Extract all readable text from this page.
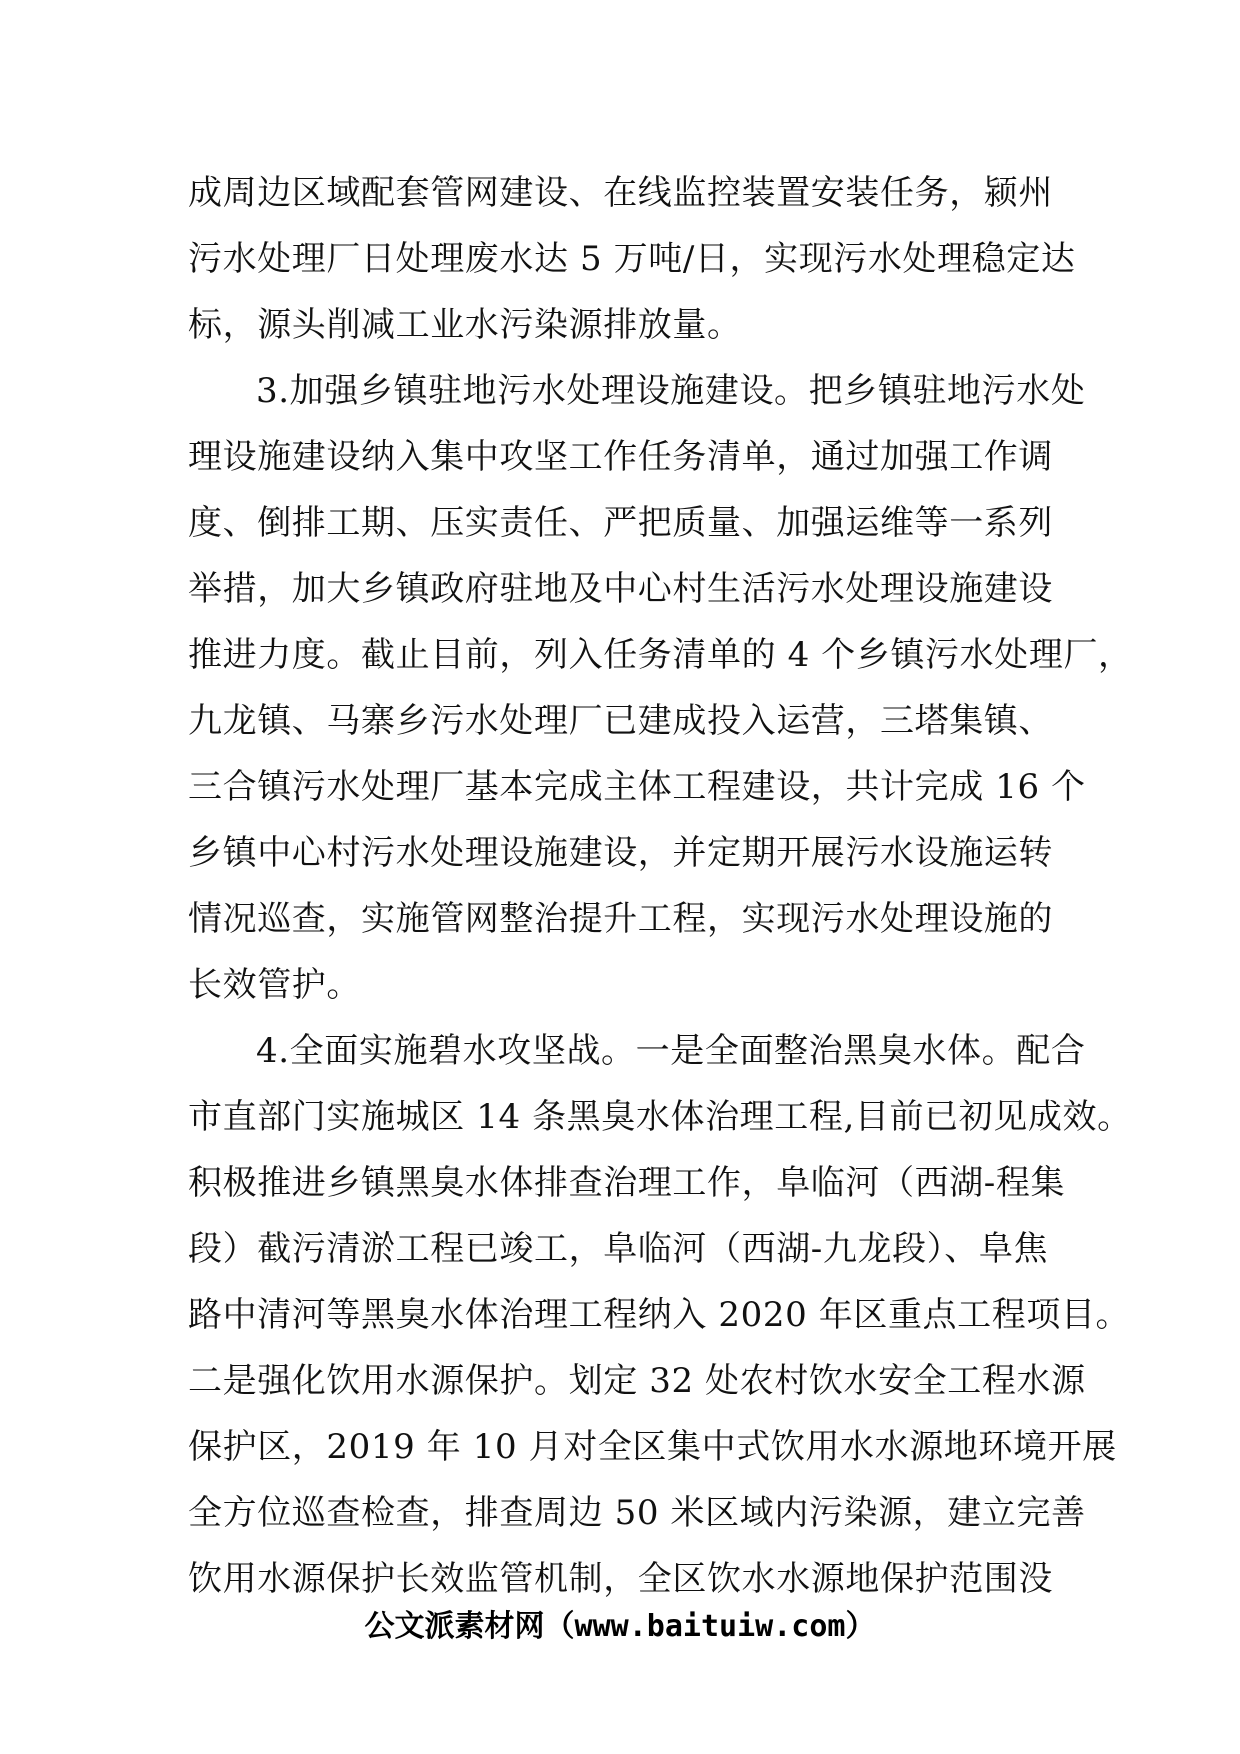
成周边区域配套管网建设、在线监控装置安装任务，颍州
污水处理厂日处理废水达 5 万吨/日，实现污水处理稳定达
标，源头削减工业水污染源排放量。
3.加强乡镇驻地污水处理设施建设。把乡镇驻地污水处
理设施建设纳入集中攻坚工作任务清单，通过加强工作调
度、倒排工期、压实责任、严把质量、加强运维等一系列
举措，加大乡镇政府驻地及中心村生活污水处理设施建设
推进力度。截止目前，列入任务清单的 4 个乡镇污水处理厂，
九龙镇、马寨乡污水处理厂已建成投入运营，三塔集镇、
三合镇污水处理厂基本完成主体工程建设，共计完成 16 个
乡镇中心村污水处理设施建设，并定期开展污水设施运转
情况巡查，实施管网整治提升工程，实现污水处理设施的
长效管护。
4.全面实施碧水攻坚战。一是全面整治黑臭水体。配合
市直部门实施城区 14 条黑臭水体治理工程,目前已初见成效。
积极推进乡镇黑臭水体排查治理工作，阜临河（西湖-程集
段）截污清淤工程已竣工，阜临河（西湖-九龙段）、阜焦
路中清河等黑臭水体治理工程纳入 2020 年区重点工程项目。
二是强化饮用水源保护。划定 32 处农村饮水安全工程水源
保护区，2019 年 10 月对全区集中式饮用水水源地环境开展
全方位巡查检查，排查周边 50 米区域内污染源，建立完善
饮用水源保护长效监管机制，全区饮水水源地保护范围没
公文派素材网（www.baituiw.com）
